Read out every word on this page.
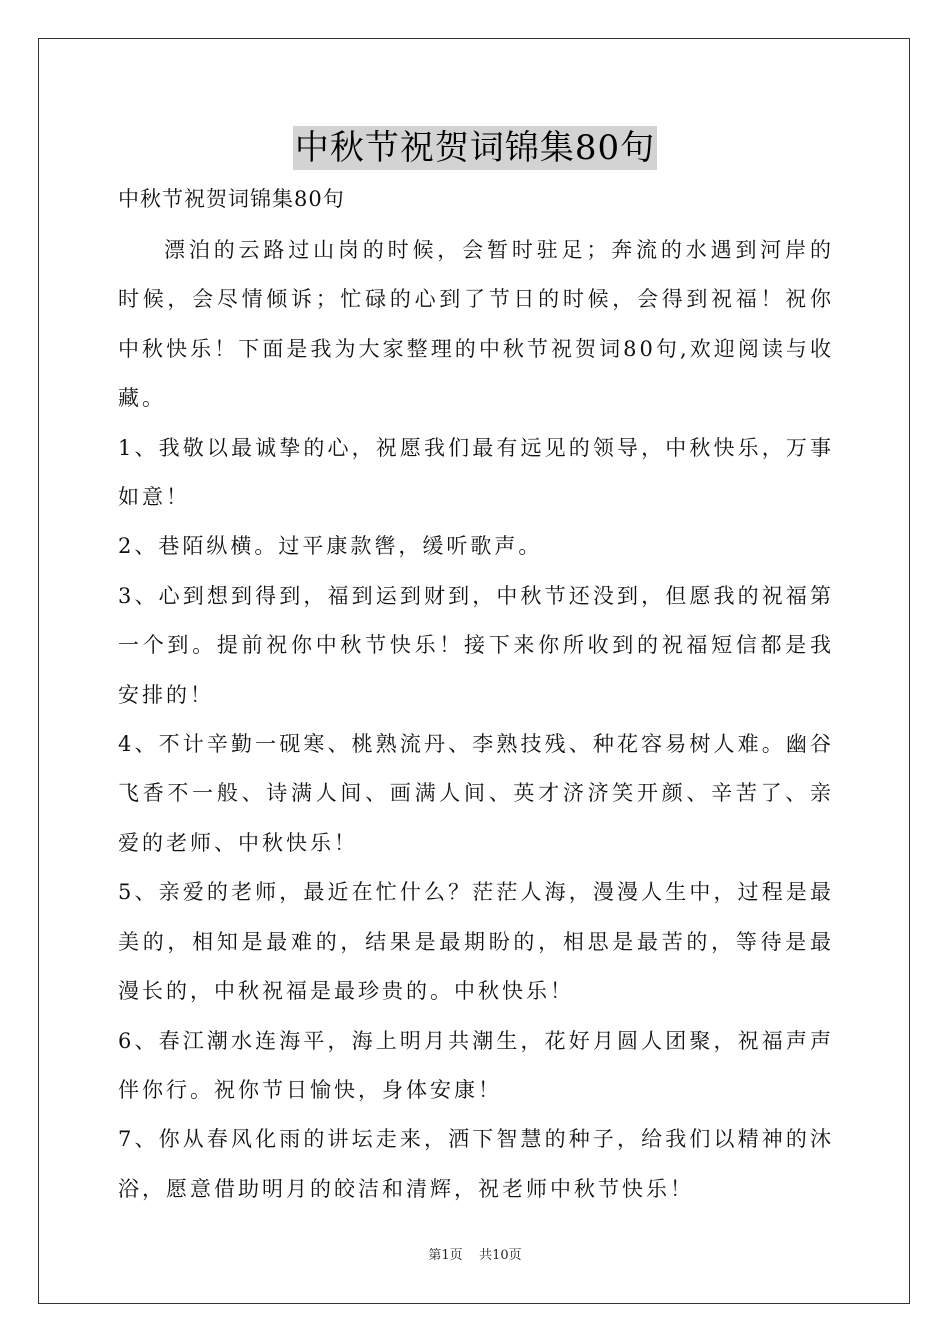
中秋节祝贺词锦集80句
中秋节祝贺词锦集80句

漂泊的云路过山岗的时候，会暂时驻足；奔流的水遇到河岸的时候，会尽情倾诉；忙碌的心到了节日的时候，会得到祝福！祝你中秋快乐！下面是我为大家整理的中秋节祝贺词80句,欢迎阅读与收藏。

1、我敬以最诚挚的心，祝愿我们最有远见的领导，中秋快乐，万事如意！

2、巷陌纵横。过平康款辔，缓听歌声。

3、心到想到得到，福到运到财到，中秋节还没到，但愿我的祝福第一个到。提前祝你中秋节快乐！接下来你所收到的祝福短信都是我安排的！

4、不计辛勤一砚寒、桃熟流丹、李熟技残、种花容易树人难。幽谷飞香不一般、诗满人间、画满人间、英才济济笑开颜、辛苦了、亲爱的老师、中秋快乐！

5、亲爱的老师，最近在忙什么？茫茫人海，漫漫人生中，过程是最美的，相知是最难的，结果是最期盼的，相思是最苦的，等待是最漫长的，中秋祝福是最珍贵的。中秋快乐！

6、春江潮水连海平，海上明月共潮生，花好月圆人团聚，祝福声声伴你行。祝你节日愉快，身体安康！

7、你从春风化雨的讲坛走来，洒下智慧的种子，给我们以精神的沐浴，愿意借助明月的皎洁和清辉，祝老师中秋节快乐！

第1页 共10页
